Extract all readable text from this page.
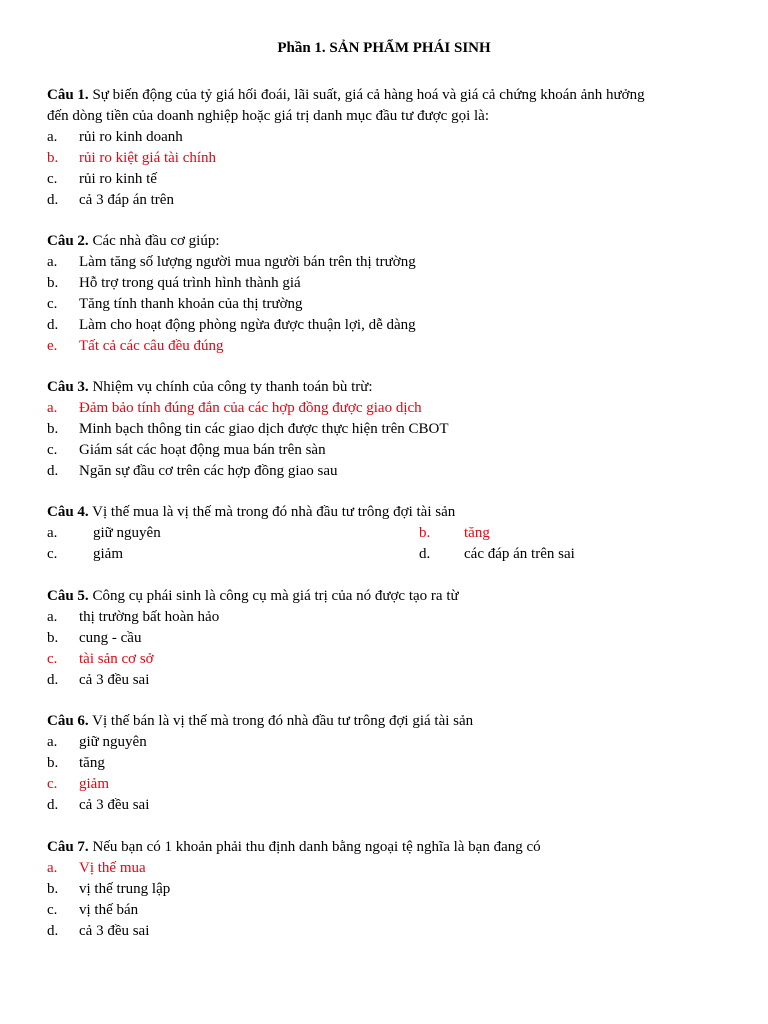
Phần 1. SẢN PHẨM PHÁI SINH
Câu 1. Sự biến động của tỷ giá hối đoái, lãi suất, giá cả hàng hoá và giá cả chứng khoán ảnh hưởng
đến dòng tiền của doanh nghiệp hoặc giá trị danh mục đầu tư được gọi là:
a. rủi ro kinh doanh
b. rủi ro kiệt giá tài chính
c. rủi ro kinh tế
d. cả 3 đáp án trên
Câu 2. Các nhà đầu cơ giúp:
a. Làm tăng số lượng người mua người bán trên thị trường
b. Hỗ trợ trong quá trình hình thành giá
c. Tăng tính thanh khoản của thị trường
d. Làm cho hoạt động phòng ngừa được thuận lợi, dễ dàng
e. Tất cả các câu đều đúng
Câu 3. Nhiệm vụ chính của công ty thanh toán bù trừ:
a. Đảm bảo tính đúng đắn của các hợp đồng được giao dịch
b. Minh bạch thông tin các giao dịch được thực hiện trên CBOT
c. Giám sát các hoạt động mua bán trên sàn
d. Ngăn sự đầu cơ trên các hợp đồng giao sau
Câu 4. Vị thế mua là vị thế mà trong đó nhà đầu tư trông đợi tài sản
a. giữ nguyên	b. tăng
c. giảm	d. các đáp án trên sai
Câu 5. Công cụ phái sinh là công cụ mà giá trị của nó được tạo ra từ
a. thị trường bất hoàn hảo
b. cung - cầu
c. tài sản cơ sở
d. cả 3 đều sai
Câu 6. Vị thế bán là vị thế mà trong đó nhà đầu tư trông đợi giá tài sản
a. giữ nguyên
b. tăng
c. giảm
d. cả 3 đều sai
Câu 7. Nếu bạn có 1 khoản phải thu định danh bằng ngoại tệ nghĩa là bạn đang có
a. Vị thế mua
b. vị thế trung lập
c. vị thế bán
d. cả 3 đều sai
